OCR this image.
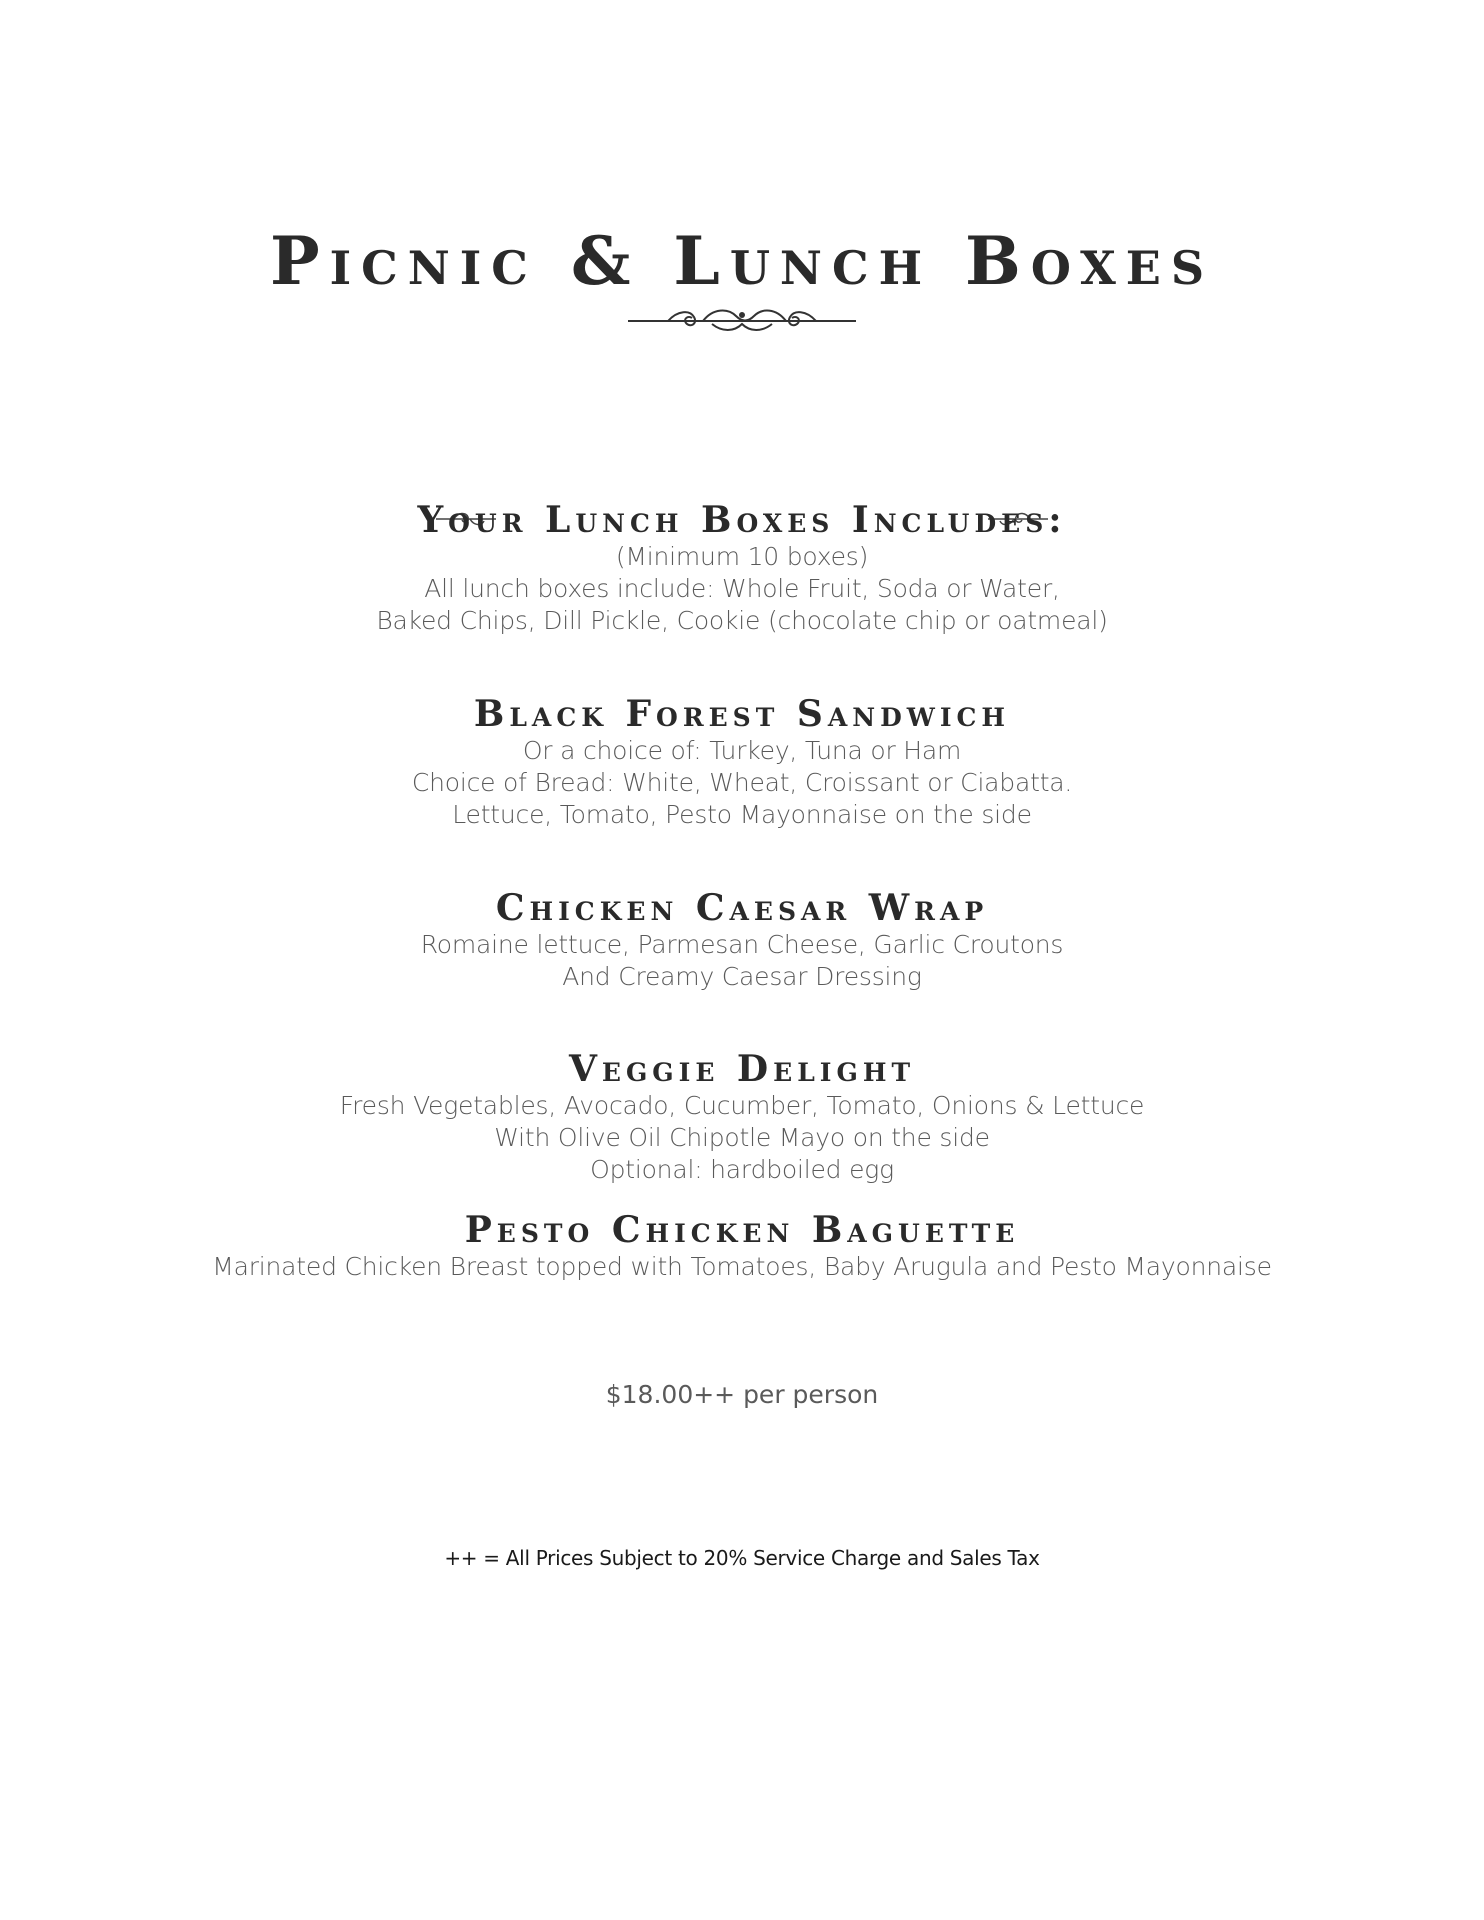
Picnic & Lunch Boxes
Your Lunch Boxes Includes:
(Minimum 10 boxes)
All lunch boxes include: Whole Fruit, Soda or Water,
Baked Chips, Dill Pickle, Cookie (chocolate chip or oatmeal)
Black Forest Sandwich
Or a choice of: Turkey, Tuna or Ham
Choice of Bread: White, Wheat, Croissant or Ciabatta.
Lettuce, Tomato, Pesto Mayonnaise on the side
Chicken Caesar Wrap
Romaine lettuce, Parmesan Cheese, Garlic Croutons
And Creamy Caesar Dressing
Veggie Delight
Fresh Vegetables, Avocado, Cucumber, Tomato, Onions & Lettuce
With Olive Oil Chipotle Mayo on the side
Optional: hardboiled egg
Pesto Chicken Baguette
Marinated Chicken Breast topped with Tomatoes, Baby Arugula and Pesto Mayonnaise
$18.00++ per person
++ = All Prices Subject to 20% Service Charge and Sales Tax
